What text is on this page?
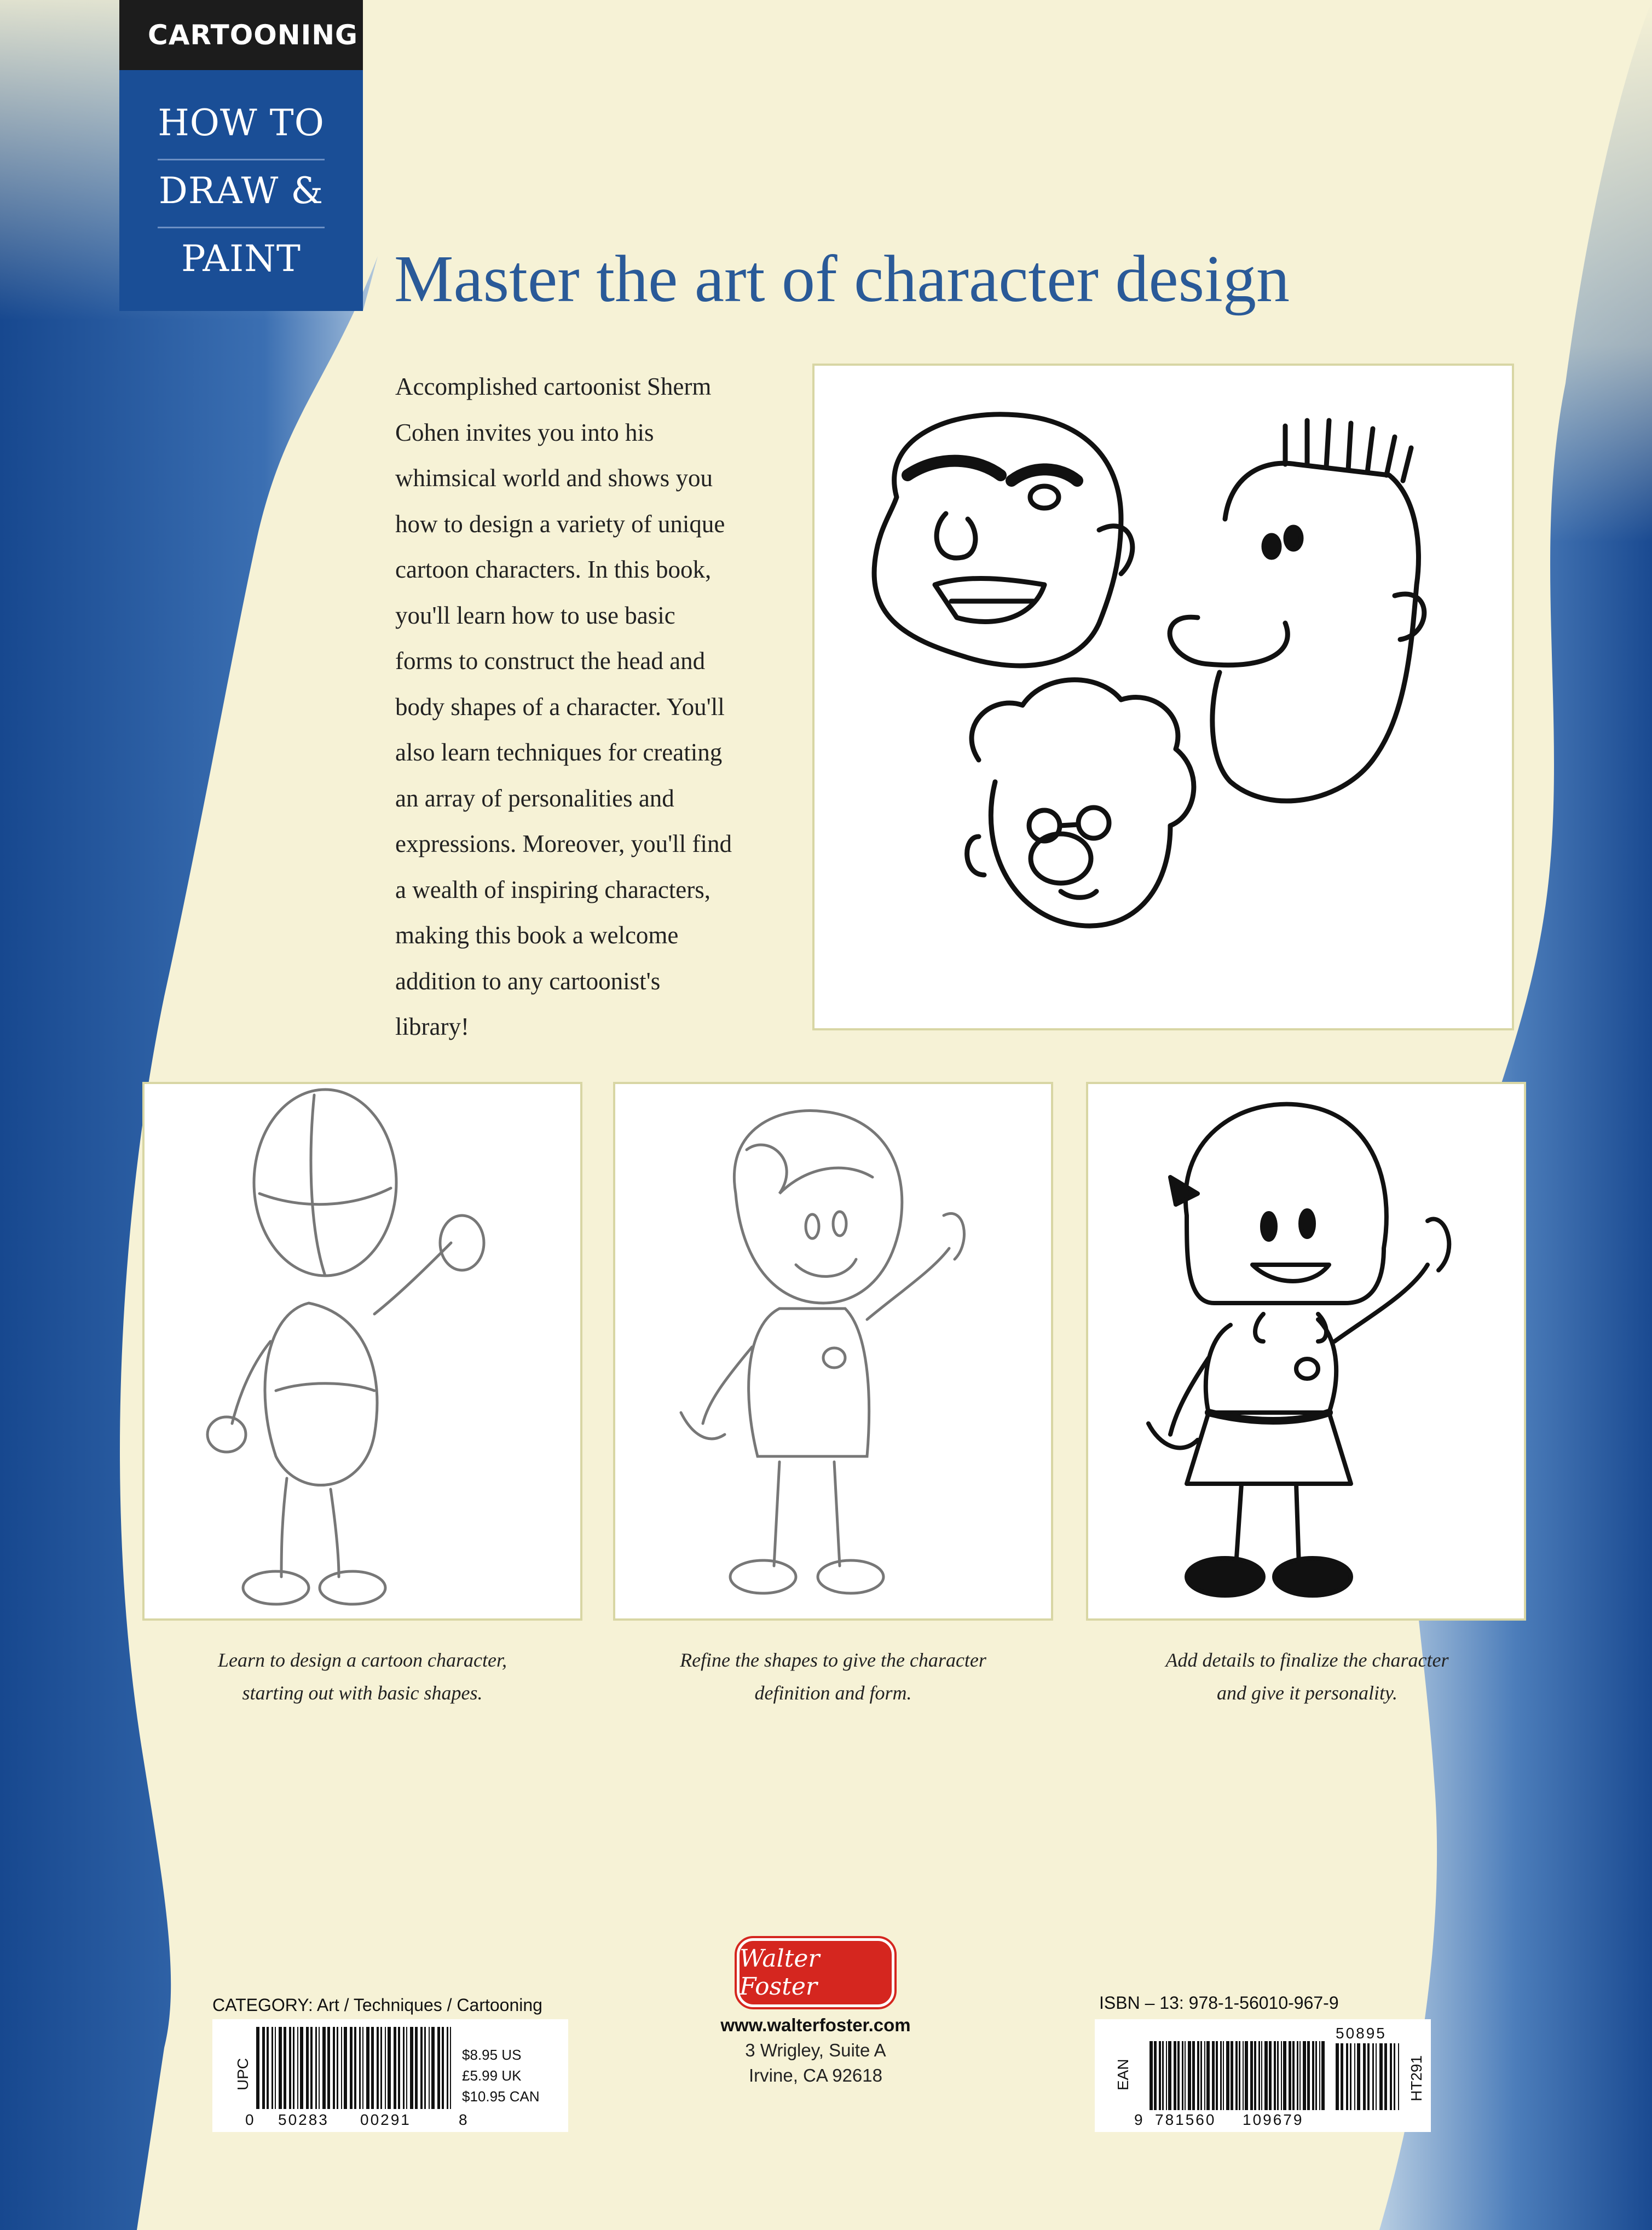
CARTOONING
HOW TO
DRAW &
PAINT	Master the art of character design
Accomplished cartoonist Sherm
Cohen invites you into his
whimsical world and shows you
how to design a variety of unique
cartoon characters. In this book,
you'll learn how to use basic
forms to construct the head and
body shapes of a character. You'll
also learn techniques for creating
an array of personalities and
expressions. Moreover, you'll find
a wealth of inspiring characters,
making this book a welcome
addition to any cartoonist's
library!
Learn to design a cartoon character,
starting out with basic shapes.
Refine the shapes to give the character
definition and form.
Add details to finalize the character
and give it personality.
Walter Foster
www.walterfoster.com
3 Wrigley, Suite A
Irvine, CA 92618
CATEGORY: Art / Techniques / Cartooning	ISBN – 13: 978-1-56010-967-9
UPC
0 50283 00291	8
$8.95 US
£5.99 UK
$10.95 CAN
EAN
50895
HT291
9 781560 109679
